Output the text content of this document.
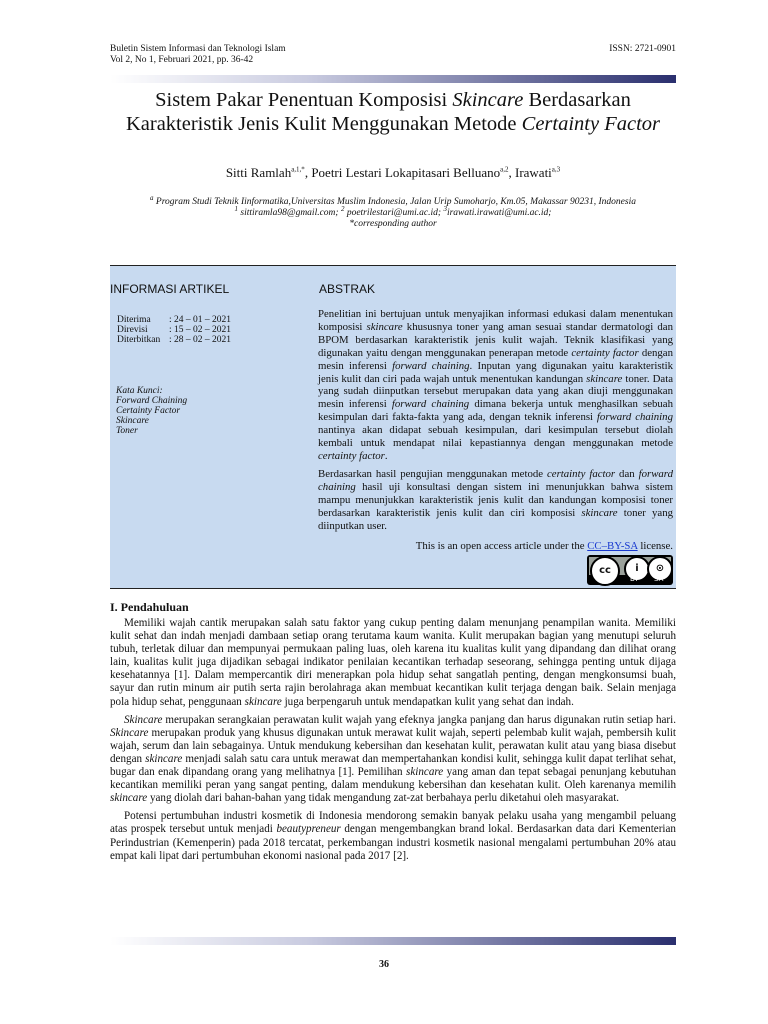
Buletin Sistem Informasi dan Teknologi Islam
Vol 2, No 1, Februari 2021, pp. 36-42
ISSN: 2721-0901
Sistem Pakar Penentuan Komposisi Skincare Berdasarkan Karakteristik Jenis Kulit Menggunakan Metode Certainty Factor
Sitti Ramlah$^{a,1,*}$, Poetri Lestari Lokapitasari Belluano$^{a,2}$, Irawati$^{a,3}$
$^a$ Program Studi Teknik Iinformatika,Universitas Muslim Indonesia, Jalan Urip Sumoharjo, Km.05, Makassar 90231, Indonesia
$^1$ sittiramla98@gmail.com; $^2$ poetrilestari@umi.ac.id; $^3$irawati.irawati@umi.ac.id;
*corresponding author
INFORMASI ARTIKEL	ABSTRAK
Diterima : 24 – 01 – 2021
Direvisi : 15 – 02 – 2021
Diterbitkan : 28 – 02 – 2021
Kata Kunci:
Forward Chaining
Certainty Factor
Skincare
Toner

Penelitian ini bertujuan untuk menyajikan informasi edukasi dalam menentukan komposisi skincare khususnya toner yang aman sesuai standar dermatologi dan BPOM berdasarkan karakteristik jenis kulit wajah. Teknik klasifikasi yang digunakan yaitu dengan menggunakan penerapan metode certainty factor dengan mesin inferensi forward chaining. Inputan yang digunakan yaitu karakteristik jenis kulit dan ciri pada wajah untuk menentukan kandungan skincare toner. Data yang sudah diinputkan tersebut merupakan data yang akan diuji menggunakan mesin inferensi forward chaining dimana bekerja untuk menghasilkan sebuah kesimpulan dari fakta-fakta yang ada, dengan teknik inferensi forward chaining nantinya akan didapat sebuah kesimpulan, dari kesimpulan tersebut diolah kembali untuk mendapat nilai kepastiannya dengan menggunakan metode certainty factor.

Berdasarkan hasil pengujian menggunakan metode certainty factor dan forward chaining hasil uji konsultasi dengan sistem ini menunjukkan bahwa sistem mampu menunjukkan karakteristik jenis kulit dan kandungan komposisi toner berdasarkan karakteristik jenis kulit dan ciri komposisi skincare toner yang diinputkan user.

This is an open access article under the CC–BY-SA license.
cc	i	⊙
BY SA
I. Pendahuluan

Memiliki wajah cantik merupakan salah satu faktor yang cukup penting dalam menunjang penampilan wanita. Memiliki kulit sehat dan indah menjadi dambaan setiap orang terutama kaum wanita. Kulit merupakan bagian yang menutupi seluruh tubuh, terletak diluar dan mempunyai permukaan paling luas, oleh karena itu kualitas kulit yang dipandang dan dilihat orang lain, kualitas kulit juga dijadikan sebagai indikator penilaian kecantikan terhadap seseorang, sehingga penting untuk dijaga kesehatannya [1]. Dalam mempercantik diri menerapkan pola hidup sehat sangatlah penting, dengan mengkonsumsi buah, sayur dan rutin minum air putih serta rajin berolahraga akan membuat kecantikan kulit terjaga dengan baik. Selain menjaga pola hidup sehat, penggunaan skincare juga berpengaruh untuk mendapatkan kulit yang sehat dan indah.

Skincare merupakan serangkaian perawatan kulit wajah yang efeknya jangka panjang dan harus digunakan rutin setiap hari. Skincare merupakan produk yang khusus digunakan untuk merawat kulit wajah, seperti pelembab kulit wajah, pembersih kulit wajah, serum dan lain sebagainya. Untuk mendukung kebersihan dan kesehatan kulit, perawatan kulit atau yang biasa disebut dengan skincare menjadi salah satu cara untuk merawat dan mempertahankan kondisi kulit, sehingga kulit dapat terlihat sehat, bugar dan enak dipandang orang yang melihatnya [1]. Pemilihan skincare yang aman dan tepat sebagai penunjang kebutuhan kecantikan memiliki peran yang sangat penting, dalam mendukung kebersihan dan kesehatan kulit. Oleh karenanya memilih skincare yang diolah dari bahan-bahan yang tidak mengandung zat-zat berbahaya perlu diketahui oleh masyarakat.

Potensi pertumbuhan industri kosmetik di Indonesia mendorong semakin banyak pelaku usaha yang mengambil peluang atas prospek tersebut untuk menjadi beautypreneur dengan mengembangkan brand lokal. Berdasarkan data dari Kementerian Perindustrian (Kemenperin) pada 2018 tercatat, perkembangan industri kosmetik nasional mengalami pertumbuhan 20% atau empat kali lipat dari pertumbuhan ekonomi nasional pada 2017 [2].

36
